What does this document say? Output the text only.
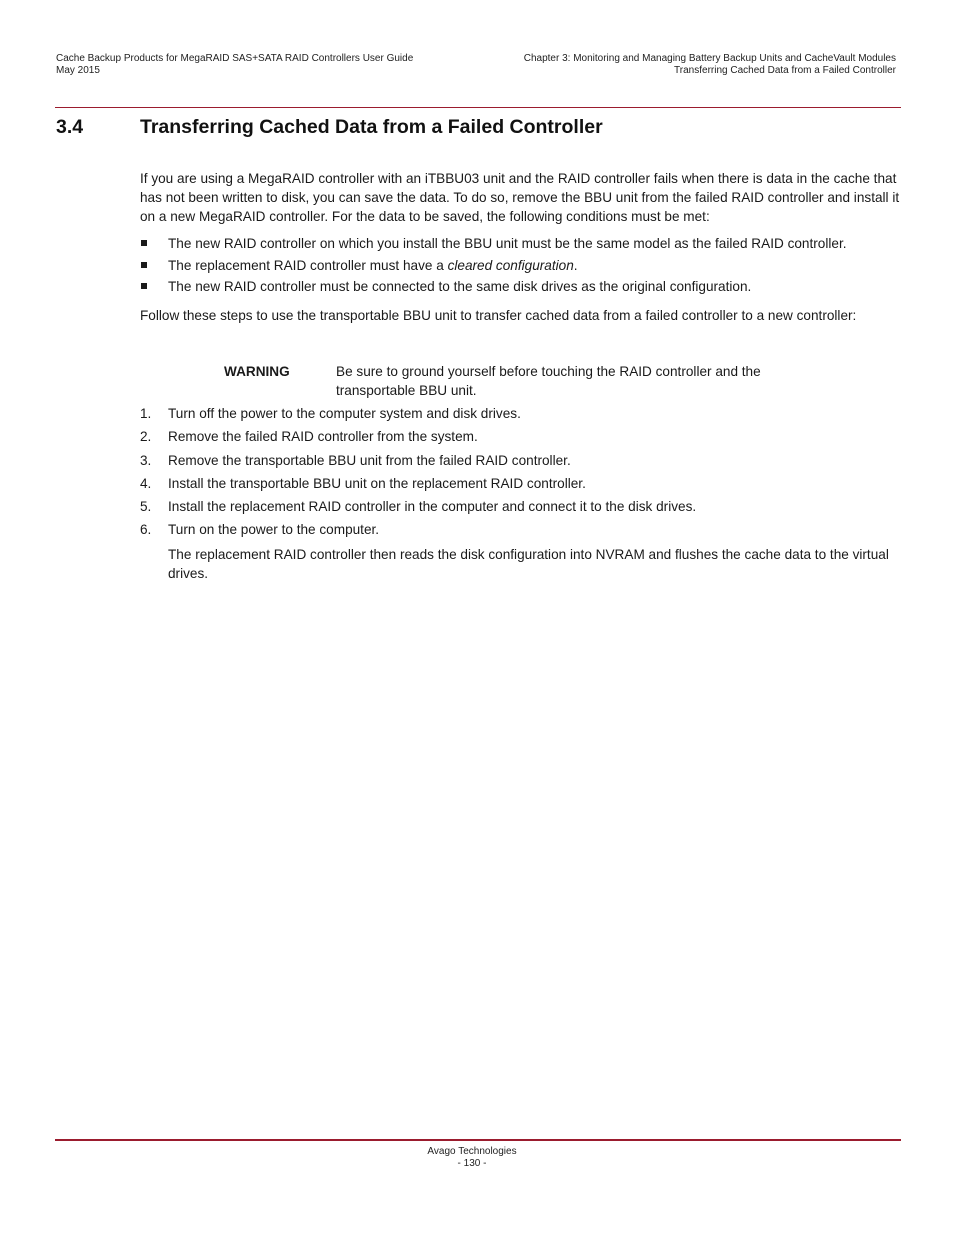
Cache Backup Products for MegaRAID SAS+SATA RAID Controllers User Guide
May 2015
Chapter 3: Monitoring and Managing Battery Backup Units and CacheVault Modules
Transferring Cached Data from a Failed Controller
3.4	Transferring Cached Data from a Failed Controller

If you are using a MegaRAID controller with an iTBBU03 unit and the RAID controller fails when there is data in the cache that has not been written to disk, you can save the data. To do so, remove the BBU unit from the failed RAID controller and install it on a new MegaRAID controller. For the data to be saved, the following conditions must be met:

The new RAID controller on which you install the BBU unit must be the same model as the failed RAID controller.
The replacement RAID controller must have a cleared configuration.
The new RAID controller must be connected to the same disk drives as the original configuration.

Follow these steps to use the transportable BBU unit to transfer cached data from a failed controller to a new controller:

WARNING	Be sure to ground yourself before touching the RAID controller and the transportable BBU unit.
1. Turn off the power to the computer system and disk drives.
2. Remove the failed RAID controller from the system.
3. Remove the transportable BBU unit from the failed RAID controller.
4. Install the transportable BBU unit on the replacement RAID controller.
5. Install the replacement RAID controller in the computer and connect it to the disk drives.
6. Turn on the power to the computer.

The replacement RAID controller then reads the disk configuration into NVRAM and flushes the cache data to the virtual drives.

Avago Technologies
- 130 -
